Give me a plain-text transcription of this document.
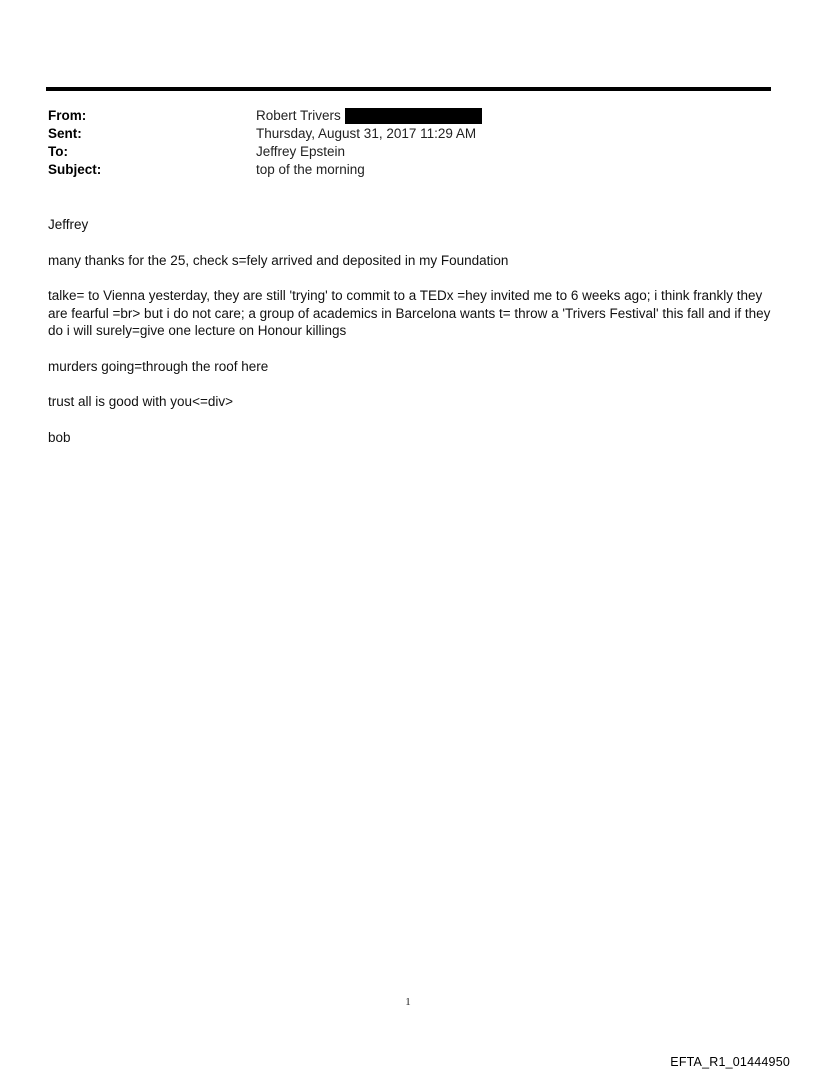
From:	Robert Trivers
Sent:	Thursday, August 31, 2017 11:29 AM
To:	Jeffrey Epstein
Subject:	top of the morning

Jeffrey

many thanks for the 25, check s=fely arrived and deposited in my Foundation

talke= to Vienna yesterday, they are still 'trying' to commit to a TEDx =hey invited me to 6 weeks ago; i think frankly they are fearful =br> but i do not care; a group of academics in Barcelona wants t= throw a 'Trivers Festival' this fall and if they do i will surely=give one lecture on Honour killings

murders going=through the roof here

trust all is good with you<=div>

bob

1
EFTA_R1_01444950
